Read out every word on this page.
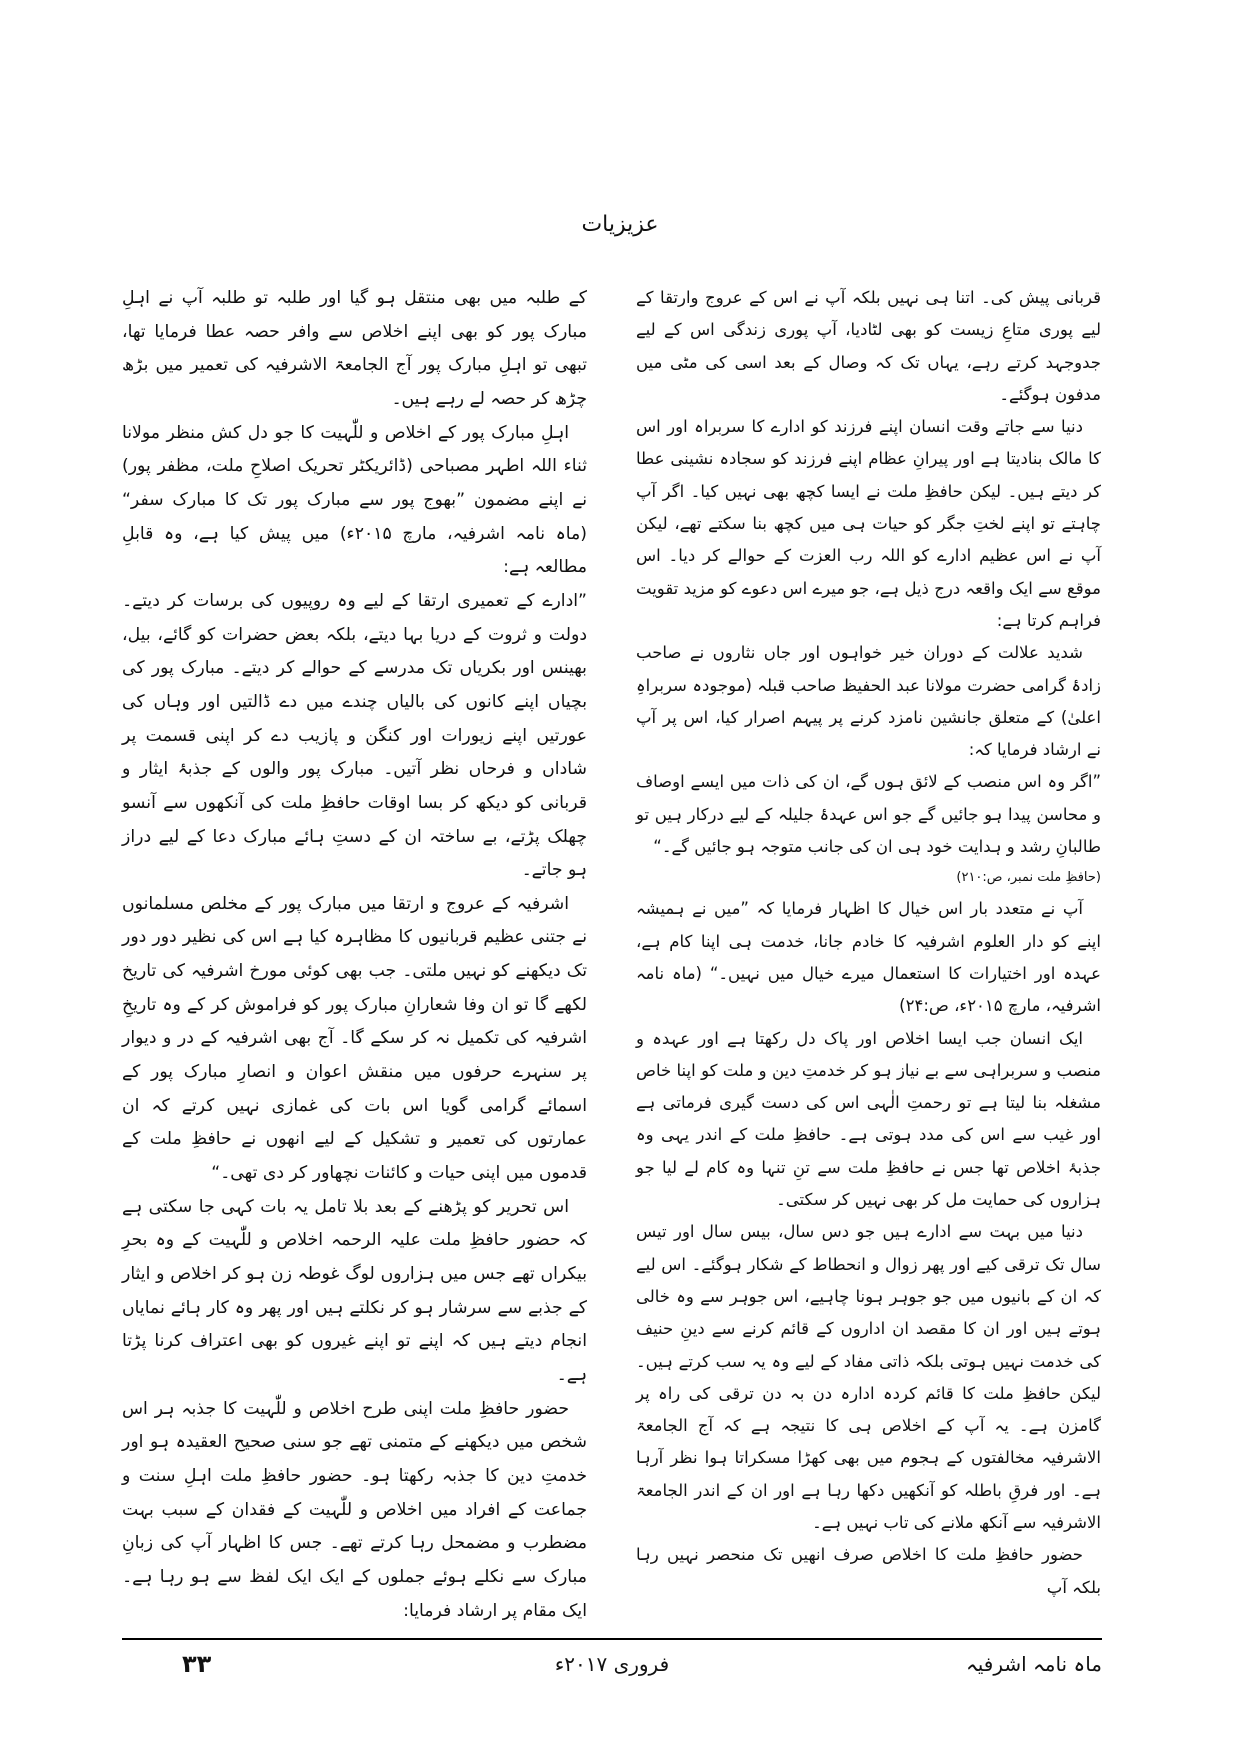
عزیزیات

قربانی پیش کی۔ اتنا ہی نہیں بلکہ آپ نے اس کے عروج وارتقا کے لیے پوری متاعِ زیست کو بھی لٹادیا، آپ پوری زندگی اس کے لیے جدوجہد کرتے رہے، یہاں تک کہ وصال کے بعد اسی کی مٹی میں مدفون ہوگئے۔

دنیا سے جاتے وقت انسان اپنے فرزند کو ادارے کا سربراہ اور اس کا مالک بنادیتا ہے اور پیرانِ عظام اپنے فرزند کو سجادہ نشینی عطا کر دیتے ہیں۔ لیکن حافظِ ملت نے ایسا کچھ بھی نہیں کیا۔ اگر آپ چاہتے تو اپنے لختِ جگر کو حیات ہی میں کچھ بنا سکتے تھے، لیکن آپ نے اس عظیم ادارے کو اللہ رب العزت کے حوالے کر دیا۔ اس موقع سے ایک واقعہ درج ذیل ہے، جو میرے اس دعوے کو مزید تقویت فراہم کرتا ہے:

شدید علالت کے دوران خیر خواہوں اور جاں نثاروں نے صاحب زادۂ گرامی حضرت مولانا عبد الحفیظ صاحب قبلہ (موجودہ سربراہِ اعلیٰ) کے متعلق جانشین نامزد کرنے پر پیہم اصرار کیا، اس پر آپ نے ارشاد فرمایا کہ:

”اگر وہ اس منصب کے لائق ہوں گے، ان کی ذات میں ایسے اوصاف و محاسن پیدا ہو جائیں گے جو اس عہدۂ جلیلہ کے لیے درکار ہیں تو طالبانِ رشد و ہدایت خود ہی ان کی جانب متوجہ ہو جائیں گے۔“

(حافظِ ملت نمبر، ص:۲۱۰)

آپ نے متعدد بار اس خیال کا اظہار فرمایا کہ ”میں نے ہمیشہ اپنے کو دار العلوم اشرفیہ کا خادم جانا، خدمت ہی اپنا کام ہے، عہدہ اور اختیارات کا استعمال میرے خیال میں نہیں۔“ (ماہ نامہ اشرفیہ، مارچ ۲۰۱۵ء، ص:۲۴)

ایک انسان جب ایسا اخلاص اور پاک دل رکھتا ہے اور عہدہ و منصب و سربراہی سے بے نیاز ہو کر خدمتِ دین و ملت کو اپنا خاص مشغلہ بنا لیتا ہے تو رحمتِ الٰہی اس کی دست گیری فرماتی ہے اور غیب سے اس کی مدد ہوتی ہے۔ حافظِ ملت کے اندر یہی وہ جذبۂ اخلاص تھا جس نے حافظِ ملت سے تنِ تنہا وہ کام لے لیا جو ہزاروں کی حمایت مل کر بھی نہیں کر سکتی۔

دنیا میں بہت سے ادارے ہیں جو دس سال، بیس سال اور تیس سال تک ترقی کیے اور پھر زوال و انحطاط کے شکار ہوگئے۔ اس لیے کہ ان کے بانیوں میں جو جوہر ہونا چاہیے، اس جوہر سے وہ خالی ہوتے ہیں اور ان کا مقصد ان اداروں کے قائم کرنے سے دینِ حنیف کی خدمت نہیں ہوتی بلکہ ذاتی مفاد کے لیے وہ یہ سب کرتے ہیں۔ لیکن حافظِ ملت کا قائم کردہ ادارہ دن بہ دن ترقی کی راہ پر گامزن ہے۔ یہ آپ کے اخلاص ہی کا نتیجہ ہے کہ آج الجامعۃ الاشرفیہ مخالفتوں کے ہجوم میں بھی کھڑا مسکراتا ہوا نظر آرہا ہے۔ اور فرقِ باطلہ کو آنکھیں دکھا رہا ہے اور ان کے اندر الجامعۃ الاشرفیہ سے آنکھ ملانے کی تاب نہیں ہے۔

حضور حافظِ ملت کا اخلاص صرف انھیں تک منحصر نہیں رہا بلکہ آپ

کے طلبہ میں بھی منتقل ہو گیا اور طلبہ تو طلبہ آپ نے اہلِ مبارک پور کو بھی اپنے اخلاص سے وافر حصہ عطا فرمایا تھا، تبھی تو اہلِ مبارک پور آج الجامعۃ الاشرفیہ کی تعمیر میں بڑھ چڑھ کر حصہ لے رہے ہیں۔

اہلِ مبارک پور کے اخلاص و للّٰہیت کا جو دل کش منظر مولانا ثناء اللہ اطہر مصباحی (ڈائریکٹر تحریک اصلاحِ ملت، مظفر پور) نے اپنے مضمون ”بھوج پور سے مبارک پور تک کا مبارک سفر“ (ماہ نامہ اشرفیہ، مارچ ۲۰۱۵ء) میں پیش کیا ہے، وہ قابلِ مطالعہ ہے:

”ادارے کے تعمیری ارتقا کے لیے وہ روپیوں کی برسات کر دیتے۔ دولت و ثروت کے دریا بہا دیتے، بلکہ بعض حضرات کو گائے، بیل، بھینس اور بکریاں تک مدرسے کے حوالے کر دیتے۔ مبارک پور کی بچیاں اپنے کانوں کی بالیاں چندے میں دے ڈالتیں اور وہاں کی عورتیں اپنے زیورات اور کنگن و پازیب دے کر اپنی قسمت پر شاداں و فرحاں نظر آتیں۔ مبارک پور والوں کے جذبۂ ایثار و قربانی کو دیکھ کر بسا اوقات حافظِ ملت کی آنکھوں سے آنسو چھلک پڑتے، بے ساختہ ان کے دستِ ہائے مبارک دعا کے لیے دراز ہو جاتے۔

اشرفیہ کے عروج و ارتقا میں مبارک پور کے مخلص مسلمانوں نے جتنی عظیم قربانیوں کا مظاہرہ کیا ہے اس کی نظیر دور دور تک دیکھنے کو نہیں ملتی۔ جب بھی کوئی مورخ اشرفیہ کی تاریخ لکھے گا تو ان وفا شعارانِ مبارک پور کو فراموش کر کے وہ تاریخِ اشرفیہ کی تکمیل نہ کر سکے گا۔ آج بھی اشرفیہ کے در و دیوار پر سنہرے حرفوں میں منقش اعوان و انصارِ مبارک پور کے اسمائے گرامی گویا اس بات کی غمازی نہیں کرتے کہ ان عمارتوں کی تعمیر و تشکیل کے لیے انھوں نے حافظِ ملت کے قدموں میں اپنی حیات و کائنات نچھاور کر دی تھی۔“

اس تحریر کو پڑھنے کے بعد بلا تامل یہ بات کہی جا سکتی ہے کہ حضور حافظِ ملت علیہ الرحمہ اخلاص و للّٰہیت کے وہ بحرِ بیکراں تھے جس میں ہزاروں لوگ غوطہ زن ہو کر اخلاص و ایثار کے جذبے سے سرشار ہو کر نکلتے ہیں اور پھر وہ کار ہائے نمایاں انجام دیتے ہیں کہ اپنے تو اپنے غیروں کو بھی اعتراف کرنا پڑتا ہے۔

حضور حافظِ ملت اپنی طرح اخلاص و للّٰہیت کا جذبہ ہر اس شخص میں دیکھنے کے متمنی تھے جو سنی صحیح العقیدہ ہو اور خدمتِ دین کا جذبہ رکھتا ہو۔ حضور حافظِ ملت اہلِ سنت و جماعت کے افراد میں اخلاص و للّٰہیت کے فقدان کے سبب بہت مضطرب و مضمحل رہا کرتے تھے۔ جس کا اظہار آپ کی زبانِ مبارک سے نکلے ہوئے جملوں کے ایک ایک لفظ سے ہو رہا ہے۔ ایک مقام پر ارشاد فرمایا:

ماہ نامہ اشرفیہ
فروری ۲۰۱۷ء
۳۳
